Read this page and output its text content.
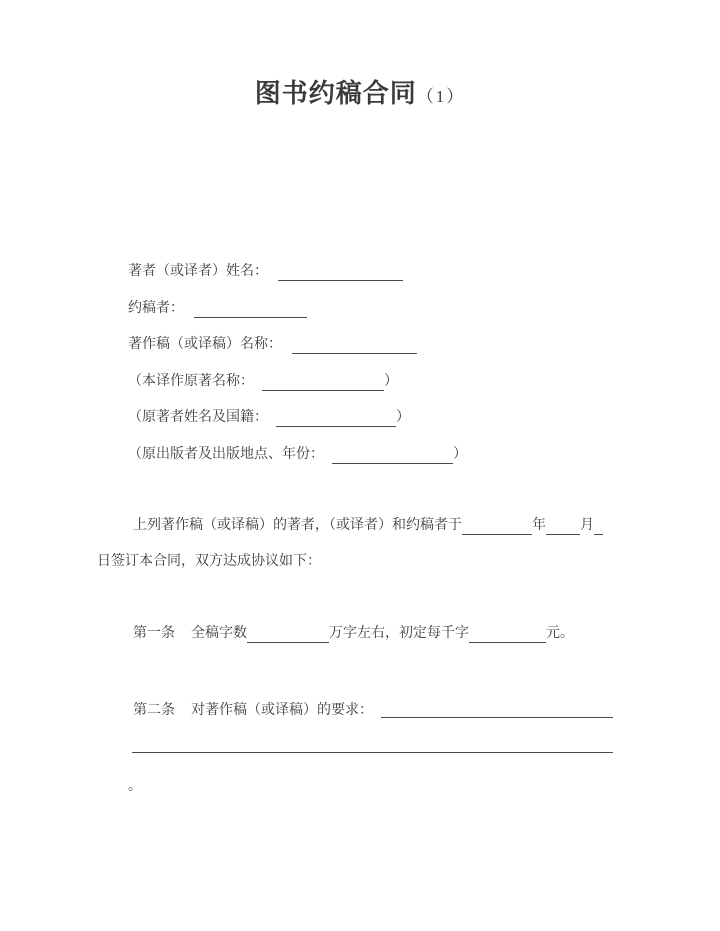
图书约稿合同（1）
著者（或译者）姓名：
约稿者：
著作稿（或译稿）名称：
（本译作原著名称：	）
（原著者姓名及国籍：	）
（原出版者及出版地点、年份：	）
上列著作稿（或译稿）的著者，（或译者）和约稿者于	年 月
日签订本合同，双方达成协议如下：
第一条 全稿字数	万字左右，初定每千字	元。
第二条 对著作稿（或译稿）的要求：
。
